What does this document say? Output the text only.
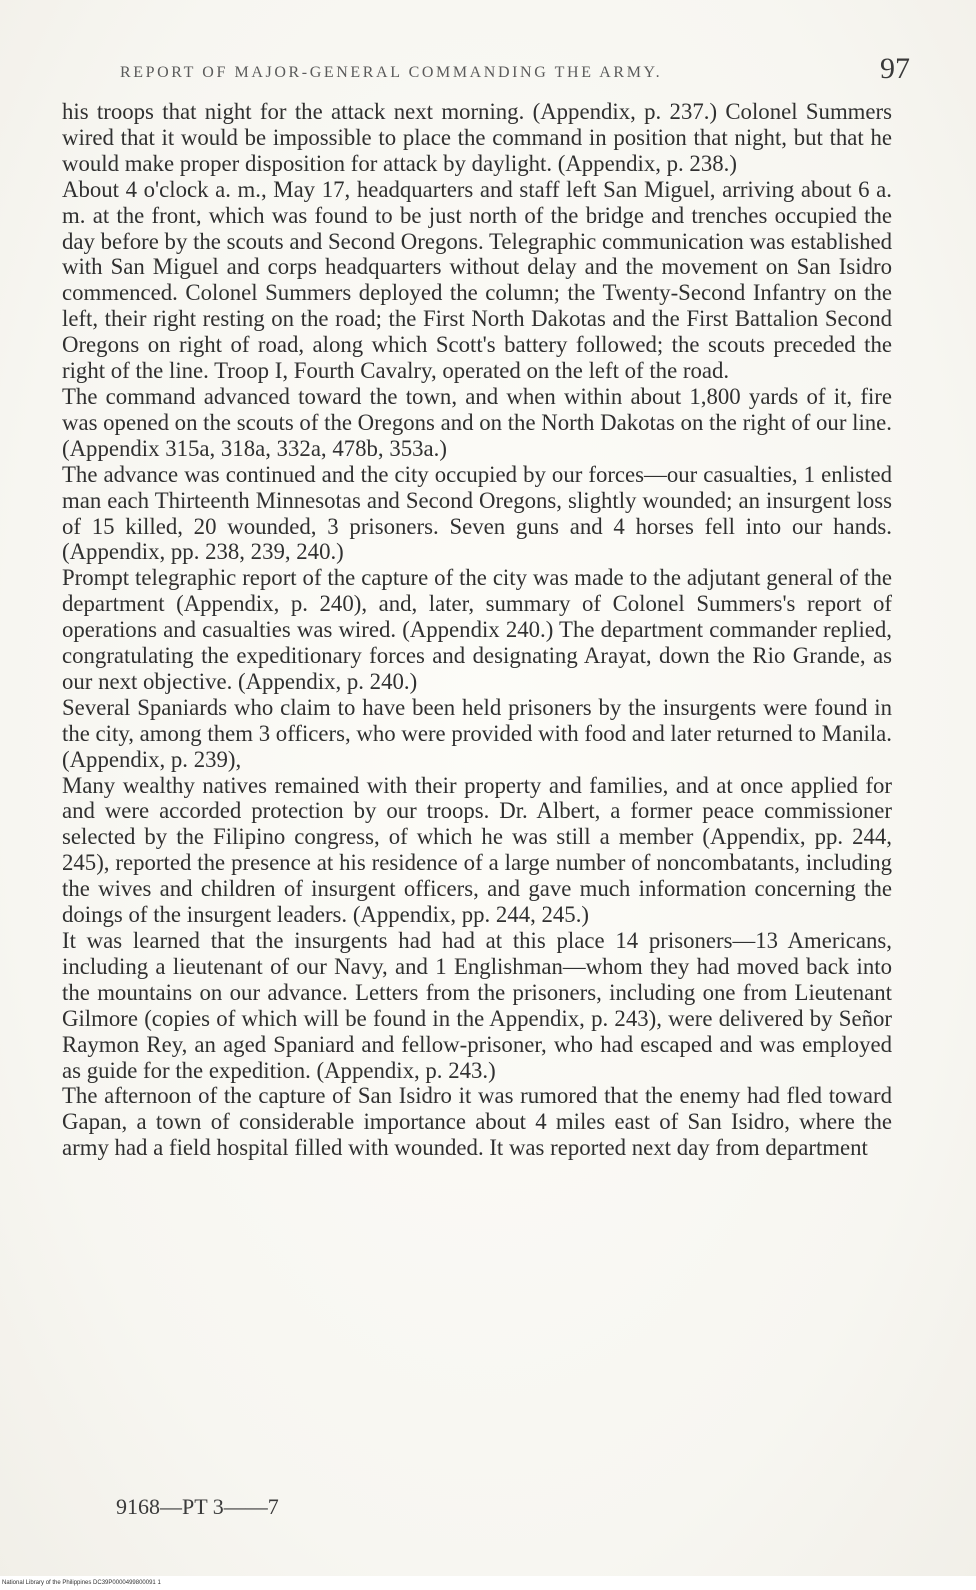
REPORT OF MAJOR-GENERAL COMMANDING THE ARMY.	97

his troops that night for the attack next morning. (Appendix, p. 237.) Colonel Summers wired that it would be impossible to place the command in position that night, but that he would make proper disposition for attack by daylight. (Appendix, p. 238.)

About 4 o'clock a. m., May 17, headquarters and staff left San Miguel, arriving about 6 a. m. at the front, which was found to be just north of the bridge and trenches occupied the day before by the scouts and Second Oregons. Telegraphic communication was established with San Miguel and corps headquarters without delay and the movement on San Isidro commenced. Colonel Summers deployed the column; the Twenty-Second Infantry on the left, their right resting on the road; the First North Dakotas and the First Battalion Second Oregons on right of road, along which Scott's battery followed; the scouts preceded the right of the line. Troop I, Fourth Cavalry, operated on the left of the road.

The command advanced toward the town, and when within about 1,800 yards of it, fire was opened on the scouts of the Oregons and on the North Dakotas on the right of our line. (Appendix 315a, 318a, 332a, 478b, 353a.)

The advance was continued and the city occupied by our forces—our casualties, 1 enlisted man each Thirteenth Minnesotas and Second Oregons, slightly wounded; an insurgent loss of 15 killed, 20 wounded, 3 prisoners. Seven guns and 4 horses fell into our hands. (Appendix, pp. 238, 239, 240.)

Prompt telegraphic report of the capture of the city was made to the adjutant general of the department (Appendix, p. 240), and, later, summary of Colonel Summers's report of operations and casualties was wired. (Appendix 240.) The department commander replied, congratulating the expeditionary forces and designating Arayat, down the Rio Grande, as our next objective. (Appendix, p. 240.)

Several Spaniards who claim to have been held prisoners by the insurgents were found in the city, among them 3 officers, who were provided with food and later returned to Manila. (Appendix, p. 239),

Many wealthy natives remained with their property and families, and at once applied for and were accorded protection by our troops. Dr. Albert, a former peace commissioner selected by the Filipino congress, of which he was still a member (Appendix, pp. 244, 245), reported the presence at his residence of a large number of noncombatants, including the wives and children of insurgent officers, and gave much information concerning the doings of the insurgent leaders. (Appendix, pp. 244, 245.)

It was learned that the insurgents had had at this place 14 prisoners—13 Americans, including a lieutenant of our Navy, and 1 Englishman—whom they had moved back into the mountains on our advance. Letters from the prisoners, including one from Lieutenant Gilmore (copies of which will be found in the Appendix, p. 243), were delivered by Señor Raymon Rey, an aged Spaniard and fellow-prisoner, who had escaped and was employed as guide for the expedition. (Appendix, p. 243.)

The afternoon of the capture of San Isidro it was rumored that the enemy had fled toward Gapan, a town of considerable importance about 4 miles east of San Isidro, where the army had a field hospital filled with wounded. It was reported next day from department

9168—PT 3——7
National Library of the Philippines DC39P0000499800091 1
